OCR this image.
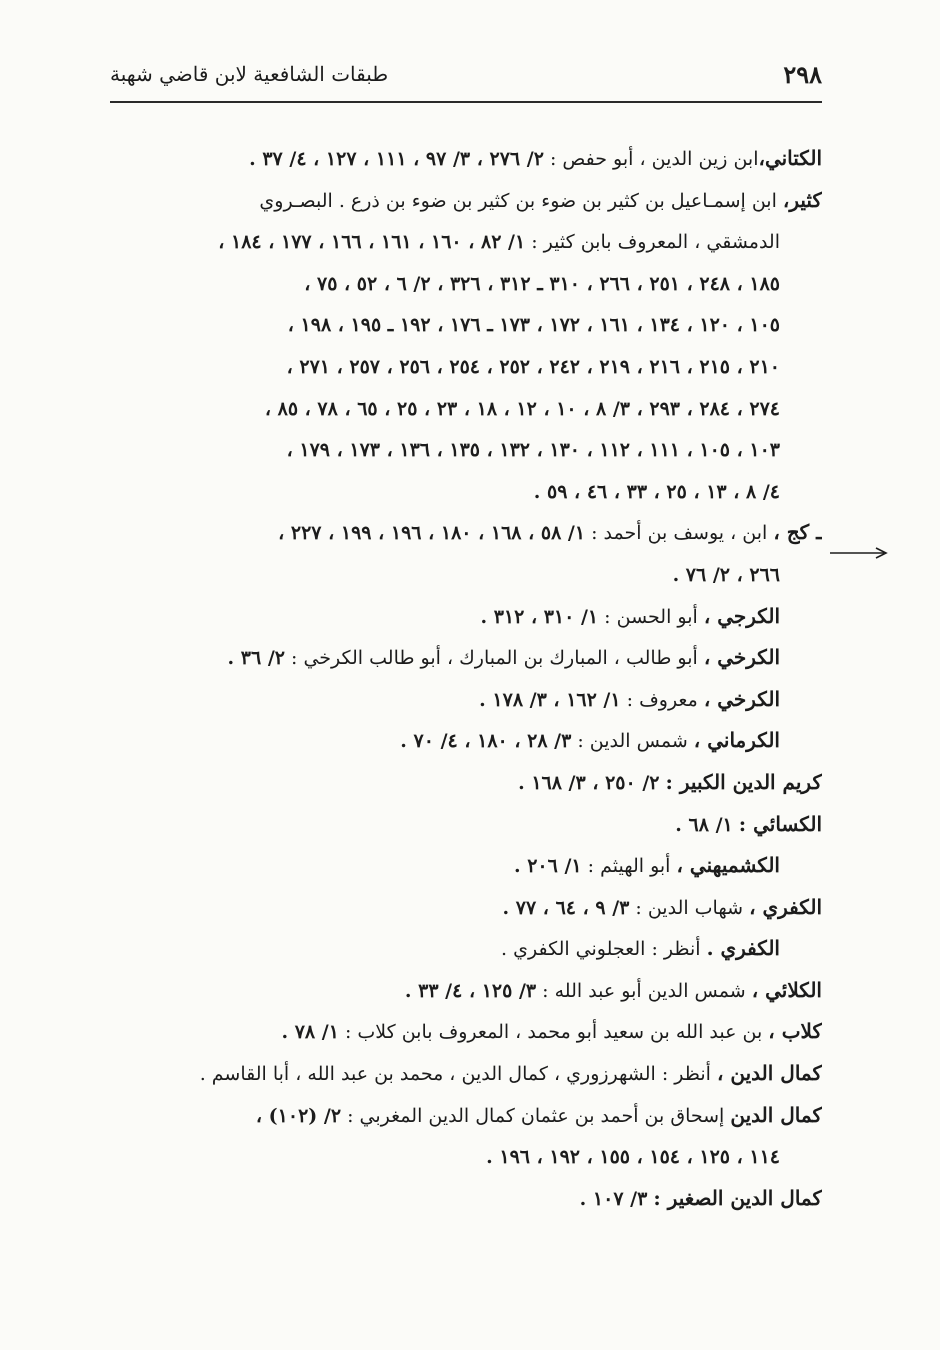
٢٩٨
طبقات الشافعية لابن قاضي شهبة
الكتاني،ابن زين الدين ، أبو حفص : ٢/ ٢٧٦ ، ٣/ ٩٧ ، ١١١ ، ١٢٧ ، ٤/ ٣٧ .
كثير، ابن إسمـاعيل بن كثير بن ضوء بن كثير بن ضوء بن ذرع . البصـروي
الدمشقي ، المعروف بابن كثير : ١/ ٨٢ ، ١٦٠ ، ١٦١ ، ١٦٦ ، ١٧٧ ، ١٨٤ ،
١٨٥ ، ٢٤٨ ، ٢٥١ ، ٢٦٦ ، ٣١٠ ـ ٣١٢ ، ٣٢٦ ، ٢/ ٦ ، ٥٢ ، ٧٥ ،
١٠٥ ، ١٢٠ ، ١٣٤ ، ١٦١ ، ١٧٢ ، ١٧٣ ـ ١٧٦ ، ١٩٢ ـ ١٩٥ ، ١٩٨ ،
٢١٠ ، ٢١٥ ، ٢١٦ ، ٢١٩ ، ٢٤٢ ، ٢٥٢ ، ٢٥٤ ، ٢٥٦ ، ٢٥٧ ، ٢٧١ ،
٢٧٤ ، ٢٨٤ ، ٢٩٣ ، ٣/ ٨ ، ١٠ ، ١٢ ، ١٨ ، ٢٣ ، ٢٥ ، ٦٥ ، ٧٨ ، ٨٥ ،
١٠٣ ، ١٠٥ ، ١١١ ، ١١٢ ، ١٣٠ ، ١٣٢ ، ١٣٥ ، ١٣٦ ، ١٧٣ ، ١٧٩ ،
٤/ ٨ ، ١٣ ، ٢٥ ، ٣٣ ، ٤٦ ، ٥٩ .
ـ كج ، ابن ، يوسف بن أحمد : ١/ ٥٨ ، ١٦٨ ، ١٨٠ ، ١٩٦ ، ١٩٩ ، ٢٢٧ ،
٢٦٦ ، ٢/ ٧٦ .
الكرجي ، أبو الحسن : ١/ ٣١٠ ، ٣١٢ .
الكرخي ، أبو طالب ، المبارك بن المبارك ، أبو طالب الكرخي : ٢/ ٣٦ .
الكرخي ، معروف : ١/ ١٦٢ ، ٣/ ١٧٨ .
الكرماني ، شمس الدين : ٣/ ٢٨ ، ١٨٠ ، ٤/ ٧٠ .
كريم الدين الكبير : ٢/ ٢٥٠ ، ٣/ ١٦٨ .
الكسائي : ١/ ٦٨ .
الكشميهني ، أبو الهيثم : ١/ ٢٠٦ .
الكفري ، شهاب الدين : ٣/ ٩ ، ٦٤ ، ٧٧ .
الكفري . أنظر : العجلوني الكفري .
الكلائي ، شمس الدين أبو عبد الله : ٣/ ١٢٥ ، ٤/ ٣٣ .
كلاب ، بن عبد الله بن سعيد أبو محمد ، المعروف بابن كلاب : ١/ ٧٨ .
كمال الدين ، أنظر : الشهرزوري ، كمال الدين ، محمد بن عبد الله ، أبا القاسم .
كمال الدين إسحاق بن أحمد بن عثمان كمال الدين المغربي : ٢/ (١٠٢) ،
١١٤ ، ١٢٥ ، ١٥٤ ، ١٥٥ ، ١٩٢ ، ١٩٦ .
كمال الدين الصغير : ٣/ ١٠٧ .
